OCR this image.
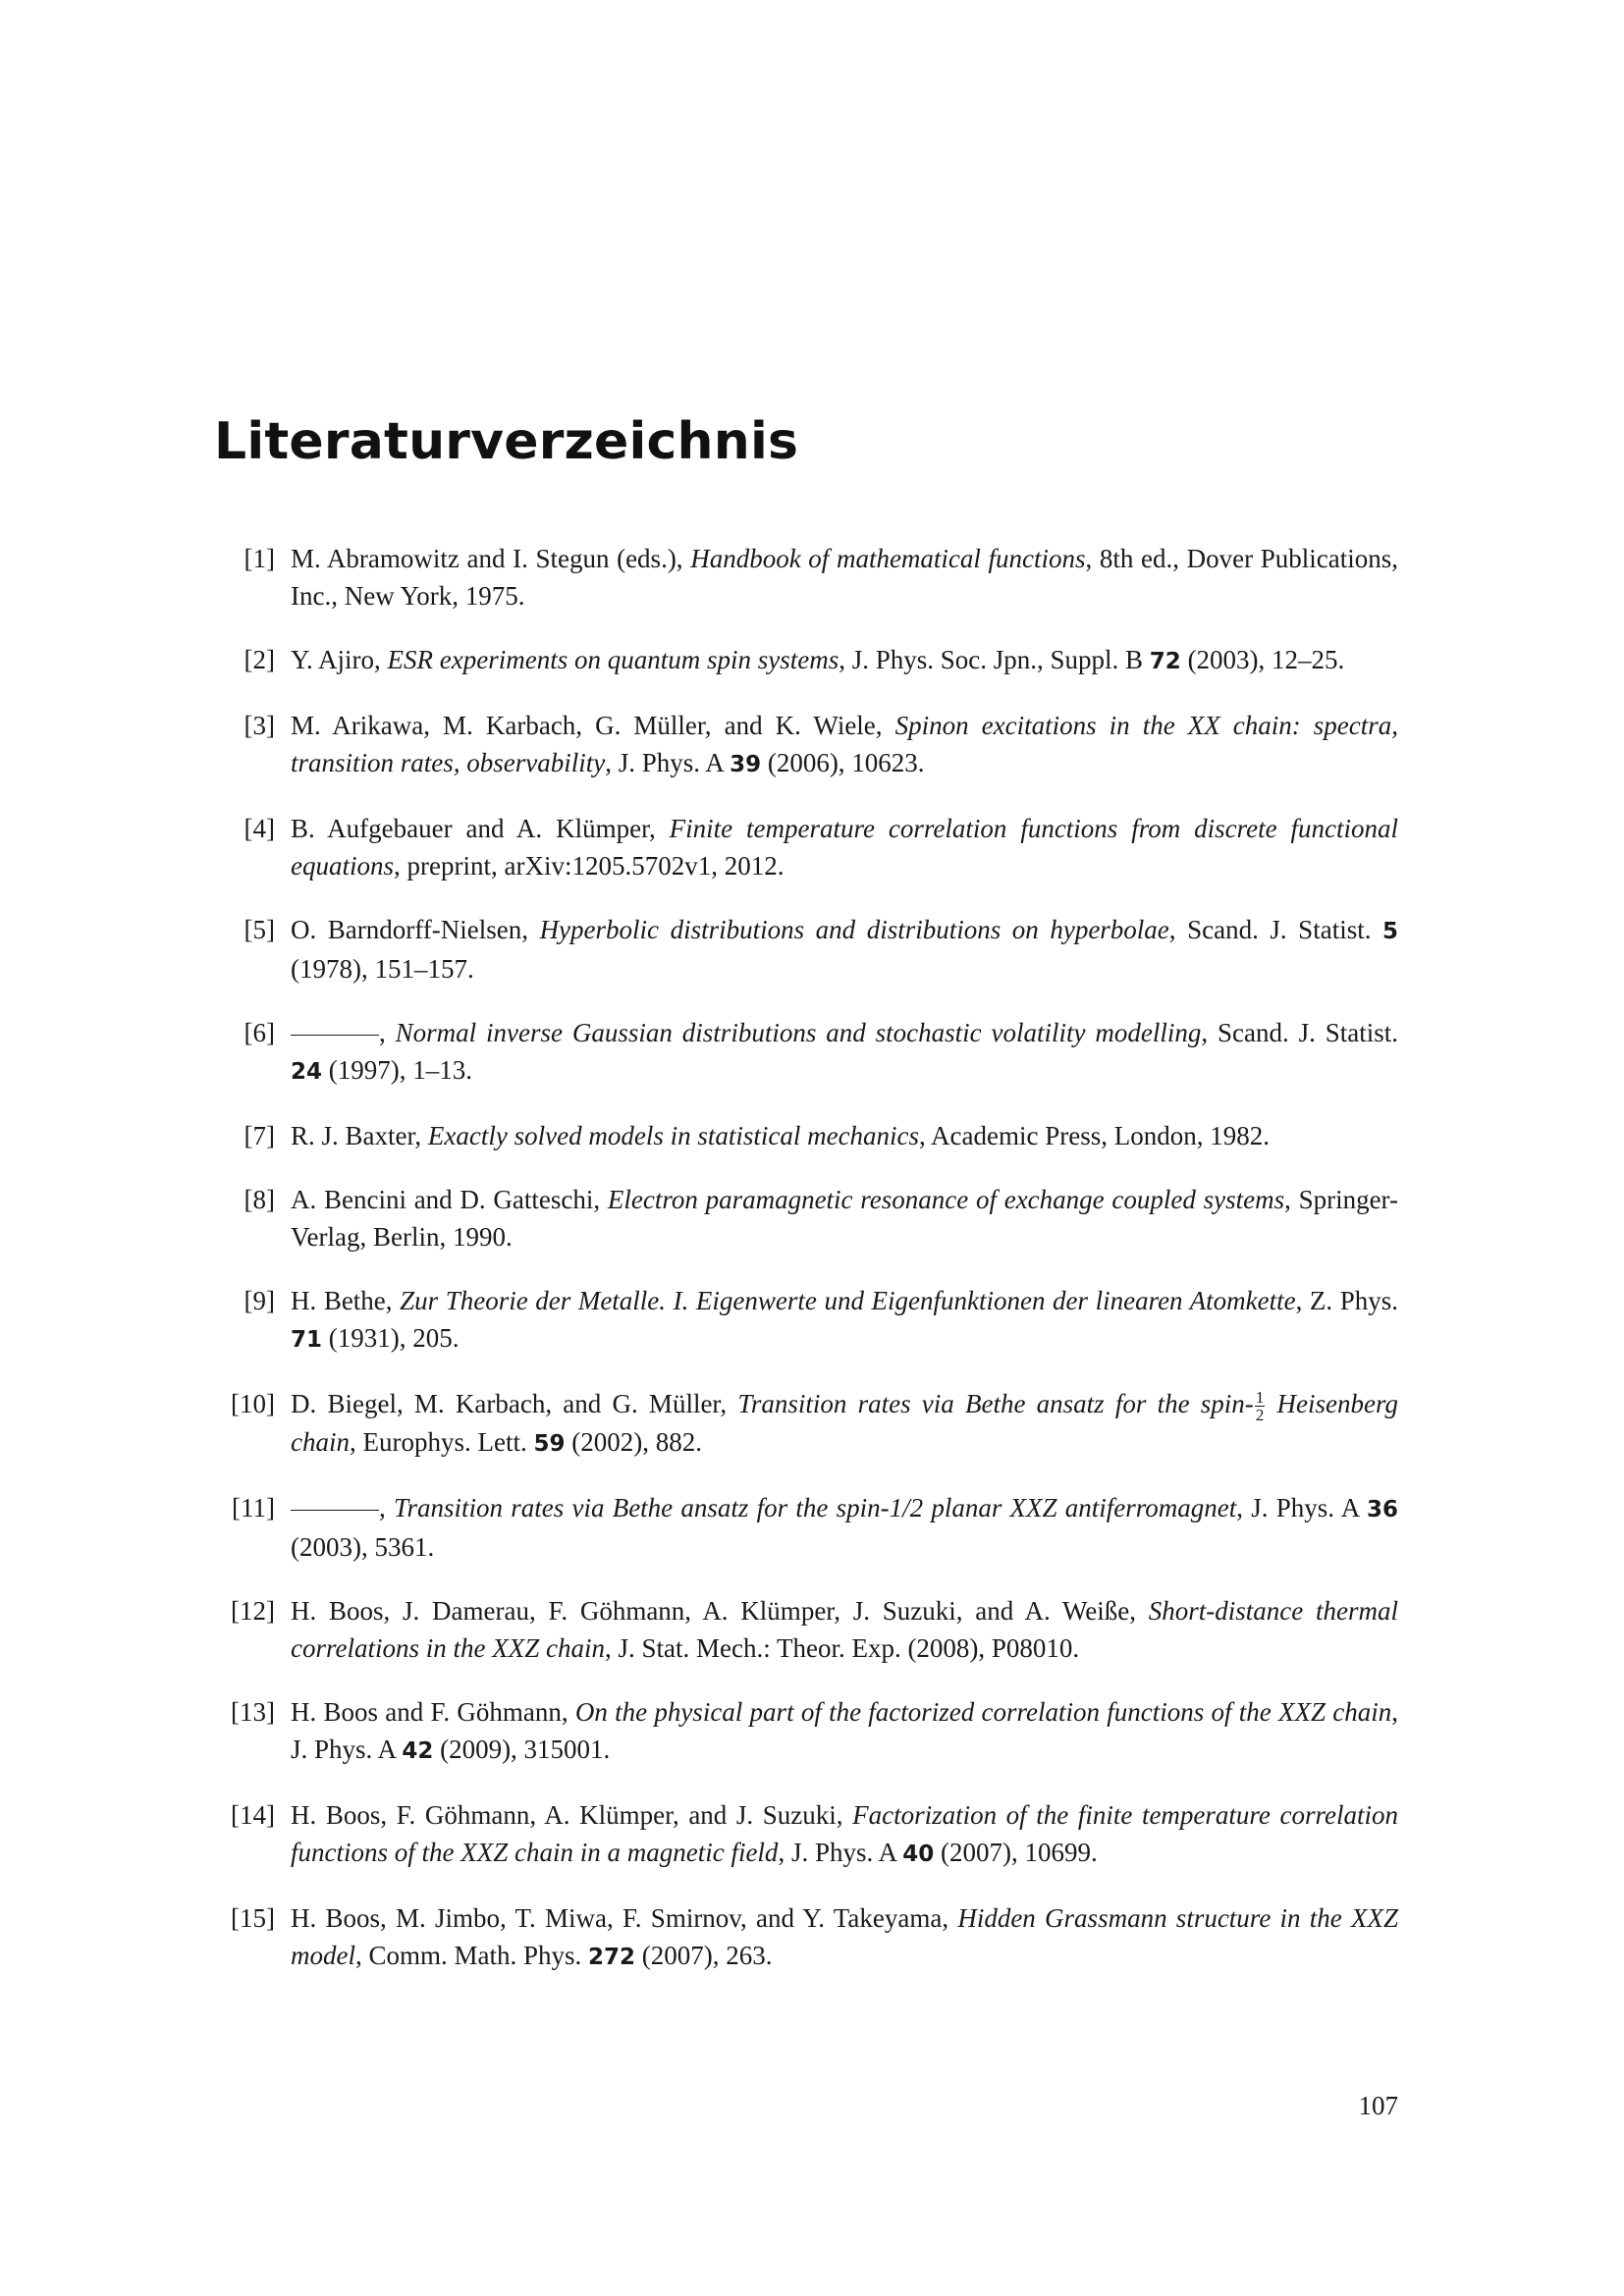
Literaturverzeichnis

[1] M. Abramowitz and I. Stegun (eds.), Handbook of mathematical functions, 8th ed., Dover Publications, Inc., New York, 1975.

[2] Y. Ajiro, ESR experiments on quantum spin systems, J. Phys. Soc. Jpn., Suppl. B 72 (2003), 12–25.

[3] M. Arikawa, M. Karbach, G. Müller, and K. Wiele, Spinon excitations in the XX chain: spectra, transition rates, observability, J. Phys. A 39 (2006), 10623.

[4] B. Aufgebauer and A. Klümper, Finite temperature correlation functions from discrete functional equations, preprint, arXiv:1205.5702v1, 2012.

[5] O. Barndorff-Nielsen, Hyperbolic distributions and distributions on hyperbolae, Scand. J. Statist. 5 (1978), 151–157.

[6]	, Normal inverse Gaussian distributions and stochastic volatility modelling, Scand. J. Statist. 24 (1997), 1–13.

[7] R. J. Baxter, Exactly solved models in statistical mechanics, Academic Press, London, 1982.

[8] A. Bencini and D. Gatteschi, Electron paramagnetic resonance of exchange coupled systems, Springer-Verlag, Berlin, 1990.

[9] H. Bethe, Zur Theorie der Metalle. I. Eigenwerte und Eigenfunktionen der linearen Atomkette, Z. Phys. 71 (1931), 205.

[10] D. Biegel, M. Karbach, and G. Müller, Transition rates via Bethe ansatz for the spin- $\frac{1}{2}$ Heisenberg chain, Europhys. Lett. 59 (2002), 882.

[11]	, Transition rates via Bethe ansatz for the spin-1/2 planar XXZ antiferromagnet, J. Phys. A 36 (2003), 5361.

[12] H. Boos, J. Damerau, F. Göhmann, A. Klümper, J. Suzuki, and A. Weiße, Short-distance thermal correlations in the XXZ chain, J. Stat. Mech.: Theor. Exp. (2008), P08010.

[13] H. Boos and F. Göhmann, On the physical part of the factorized correlation functions of the XXZ chain, J. Phys. A 42 (2009), 315001.

[14] H. Boos, F. Göhmann, A. Klümper, and J. Suzuki, Factorization of the finite temperature correlation functions of the XXZ chain in a magnetic field, J. Phys. A 40 (2007), 10699.

[15] H. Boos, M. Jimbo, T. Miwa, F. Smirnov, and Y. Takeyama, Hidden Grassmann structure in the XXZ model, Comm. Math. Phys. 272 (2007), 263.

107
